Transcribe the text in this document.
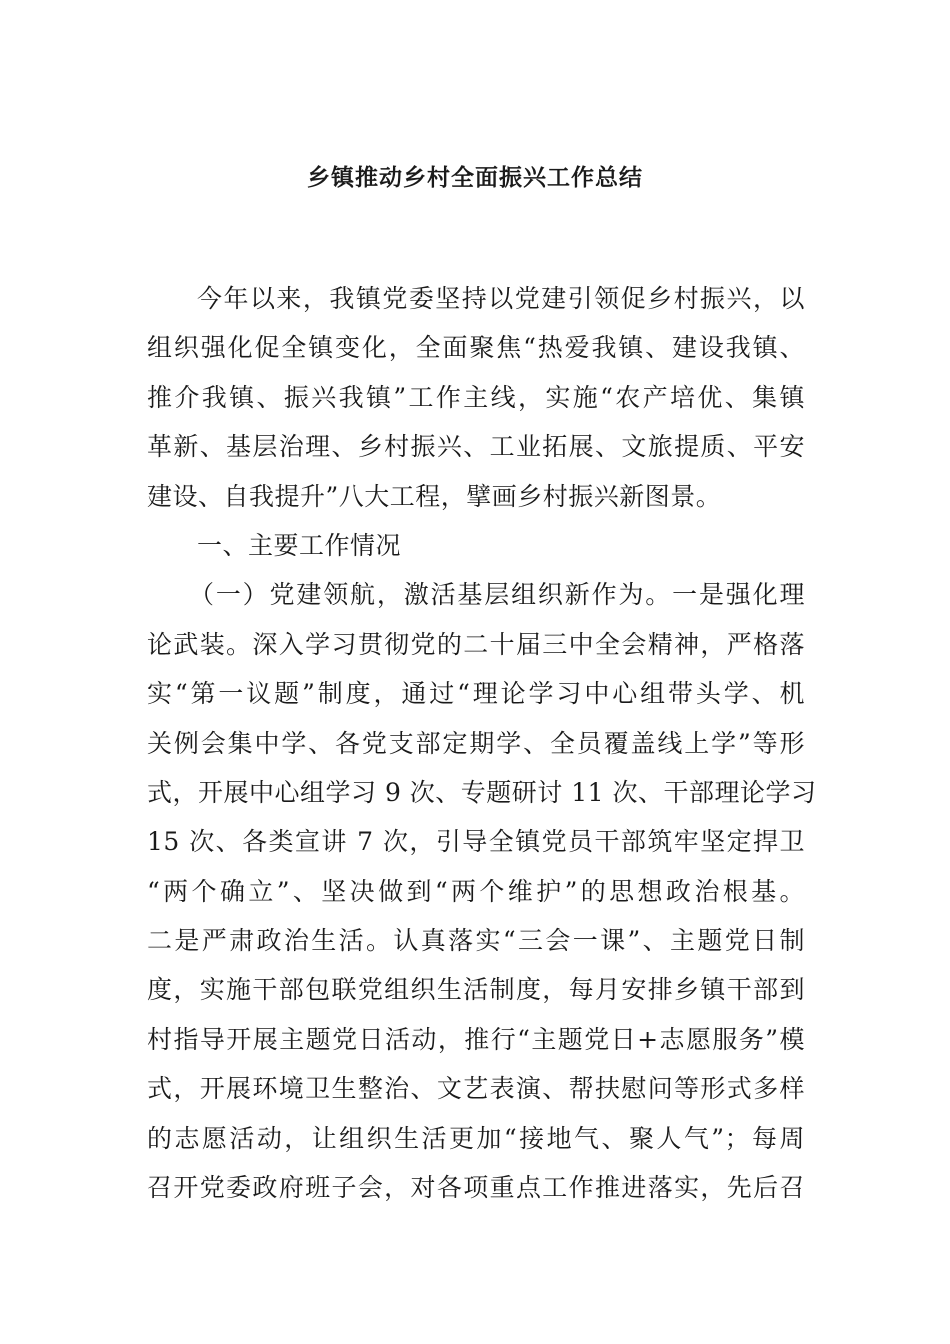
乡镇推动乡村全面振兴工作总结
今年以来，我镇党委坚持以党建引领促乡村振兴，以
组织强化促全镇变化，全面聚焦“热爱我镇、建设我镇、
推介我镇、振兴我镇”工作主线，实施“农产培优、集镇
革新、基层治理、乡村振兴、工业拓展、文旅提质、平安
建设、自我提升”八大工程，擘画乡村振兴新图景。
一、主要工作情况
（一）党建领航，激活基层组织新作为。一是强化理
论武装。深入学习贯彻党的二十届三中全会精神，严格落
实“第一议题”制度，通过“理论学习中心组带头学、机
关例会集中学、各党支部定期学、全员覆盖线上学”等形
式，开展中心组学习 9 次、专题研讨 11 次、干部理论学习
15 次、各类宣讲 7 次，引导全镇党员干部筑牢坚定捍卫
“两个确立”、坚决做到“两个维护”的思想政治根基。
二是严肃政治生活。认真落实“三会一课”、主题党日制
度，实施干部包联党组织生活制度，每月安排乡镇干部到
村指导开展主题党日活动，推行“主题党日+志愿服务”模
式，开展环境卫生整治、文艺表演、帮扶慰问等形式多样
的志愿活动，让组织生活更加“接地气、聚人气”；每周
召开党委政府班子会，对各项重点工作推进落实，先后召
